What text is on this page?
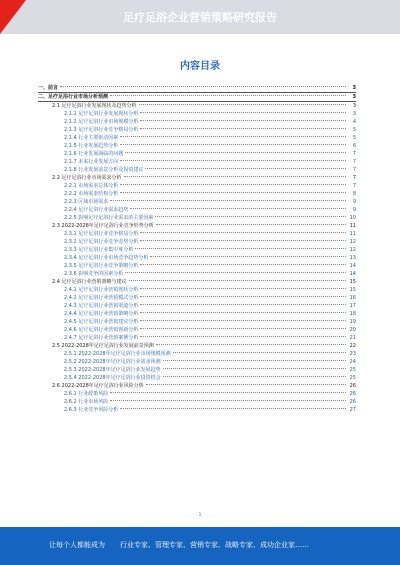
足疗足浴企业营销策略研究报告
内容目录
一、前言	3
二、足疗足浴行业市场分析预测	3
2.1 足疗足浴行业发展现状及趋势分析	3
2.1.1 足疗足浴行业发展现状分析	3
2.1.2 足疗足浴行业市场规模分析	4
2.1.3 足疗足浴行业竞争格局分析	5
2.1.4 行业主要驱动因素	5
2.1.5 行业发展趋势分析	6
2.1.6 行业发展面临的问题	7
2.1.7 未来行业发展方向	7
2.1.8 行业发展前景分析及投资建议	7
2.2 足疗足浴行业市场需求分析	7
2.2.1 市场需求总体分析	7
2.2.2 市场需求结构分析	8
2.2.3 区域市场需求	9
2.2.4 足疗足浴行业需求趋势	9
2.2.5 影响足疗足浴行业需求的主要因素	10
2.3 2022-2028年足疗足浴行业竞争形势分析	11
2.3.1 足疗足浴行业竞争格局分析	11
2.3.2 足疗足浴行业竞争态势分析	12
2.3.3 足疗足浴行业集中度分析	12
2.3.4 足疗足浴行业市场竞争趋势分析	13
2.3.5 足疗足浴行业竞争策略分析	14
2.3.6 影响竞争的因素分析	14
2.4 足疗足浴行业营销策略与建议	15
2.4.1 足疗足浴行业营销现状分析	15
2.4.2 足疗足浴行业营销模式分析	16
2.4.3 足疗足浴行业营销渠道分析	17
2.4.4 足疗足浴行业营销策略分析	18
2.4.5 足疗足浴行业营销建议分析	19
2.4.6 足疗足浴行业营销创新分析	20
2.4.7 足疗足浴行业营销案例分析	21
2.5 2022-2028年足疗足浴行业发展前景预测	22
2.5.1 2022-2028年足疗足浴行业市场规模预测	23
2.5.2 2022-2028年足疗足浴行业需求预测	24
2.5.3 2022-2028年足疗足浴行业发展趋势	25
2.5.4 2022-2028年足疗足浴行业投资机会	25
2.6 2022-2028年足疗足浴行业风险分析	26
2.6.1 行业政策风险	26
2.6.2 行业市场风险	26
2.6.3 行业竞争风险分析	27
1
让每个人都能成为 行业专家、管理专家、营销专家、战略专家、成功企业家……
